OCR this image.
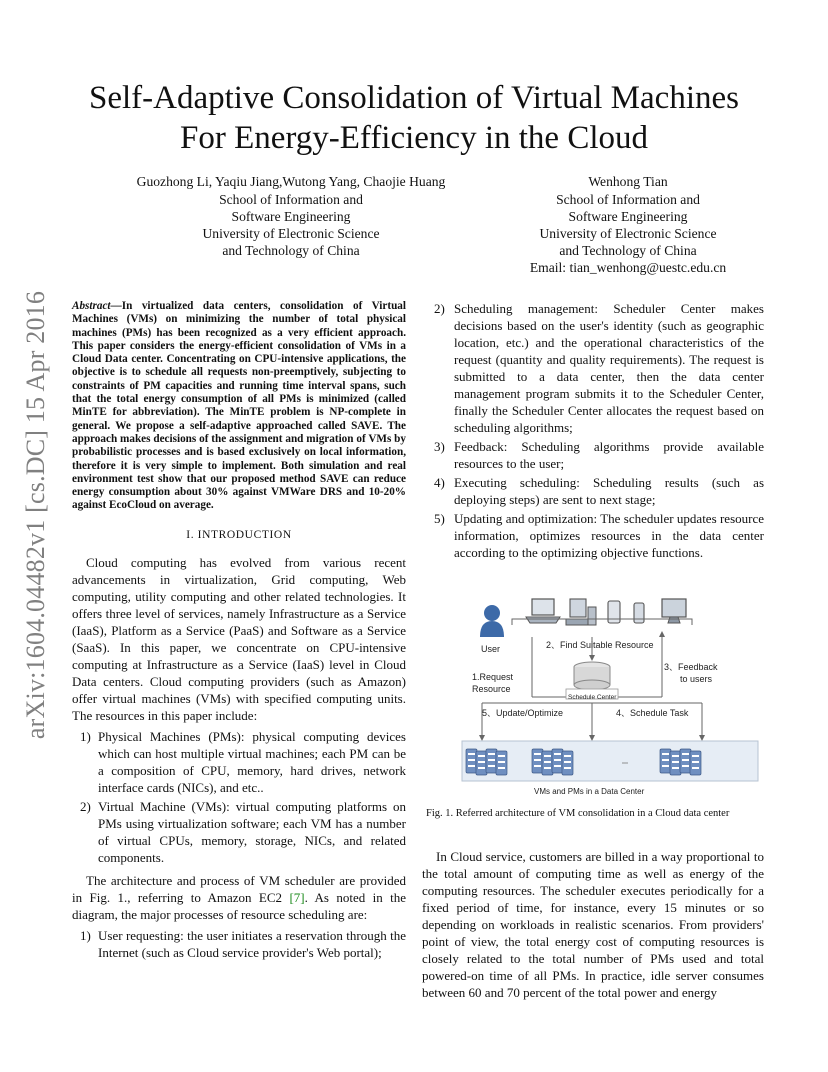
arXiv:1604.04482v1 [cs.DC] 15 Apr 2016
Self-Adaptive Consolidation of Virtual Machines
For Energy-Efficiency in the Cloud
Guozhong Li, Yaqiu Jiang,Wutong Yang, Chaojie Huang
School of Information and
Software Engineering
University of Electronic Science
and Technology of China
Wenhong Tian
School of Information and
Software Engineering
University of Electronic Science
and Technology of China
Email: tian_wenhong@uestc.edu.cn

Abstract—In virtualized data centers, consolidation of Virtual Machines (VMs) on minimizing the number of total physical machines (PMs) has been recognized as a very efficient approach. This paper considers the energy-efficient consolidation of VMs in a Cloud Data center. Concentrating on CPU-intensive applications, the objective is to schedule all requests non-preemptively, subjecting to constraints of PM capacities and running time interval spans, such that the total energy consumption of all PMs is minimized (called MinTE for abbreviation). The MinTE problem is NP-complete in general. We propose a self-adaptive approached called SAVE. The approach makes decisions of the assignment and migration of VMs by probabilistic processes and is based exclusively on local information, therefore it is very simple to implement. Both simulation and real environment test show that our proposed method SAVE can reduce energy consumption about 30% against VMWare DRS and 10-20% against EcoCloud on average.

I. INTRODUCTION

Cloud computing has evolved from various recent advancements in virtualization, Grid computing, Web computing, utility computing and other related technologies. It offers three level of services, namely Infrastructure as a Service (IaaS), Platform as a Service (PaaS) and Software as a Service (SaaS). In this paper, we concentrate on CPU-intensive computing at Infrastructure as a Service (IaaS) level in Cloud Data centers. Cloud computing providers (such as Amazon) offer virtual machines (VMs) with specified computing units. The resources in this paper include:

1) Physical Machines (PMs): physical computing devices which can host multiple virtual machines; each PM can be a composition of CPU, memory, hard drives, network interface cards (NICs), and etc..
2) Virtual Machine (VMs): virtual computing platforms on PMs using virtualization software; each VM has a number of virtual CPUs, memory, storage, NICs, and related components.

The architecture and process of VM scheduler are provided in Fig. 1., referring to Amazon EC2 [7]. As noted in the diagram, the major processes of resource scheduling are:

1) User requesting: the user initiates a reservation through the Internet (such as Cloud service provider's Web portal);
2) Scheduling management: Scheduler Center makes decisions based on the user's identity (such as geographic location, etc.) and the operational characteristics of the request (quantity and quality requirements). The request is submitted to a data center, then the data center management program submits it to the Scheduler Center, finally the Scheduler Center allocates the request based on scheduling algorithms;
3) Feedback: Scheduling algorithms provide available resources to the user;
4) Executing scheduling: Scheduling results (such as deploying steps) are sent to next stage;
5) Updating and optimization: The scheduler updates resource information, optimizes resources in the data center according to the optimizing objective functions.
User
1.Request
Resource
2、Find Suitable Resource
3、Feedback
to users
Schedule Center
5、Update/Optimize	4、Schedule Task
VMs and PMs in a Data Center
Fig. 1. Referred architecture of VM consolidation in a Cloud data center

In Cloud service, customers are billed in a way proportional to the total amount of computing time as well as energy of the computing resources. The scheduler executes periodically for a fixed period of time, for instance, every 15 minutes or so depending on workloads in realistic scenarios. From providers' point of view, the total energy cost of computing resources is closely related to the total number of PMs used and total powered-on time of all PMs. In practice, idle server consumes between 60 and 70 percent of the total power and energy
